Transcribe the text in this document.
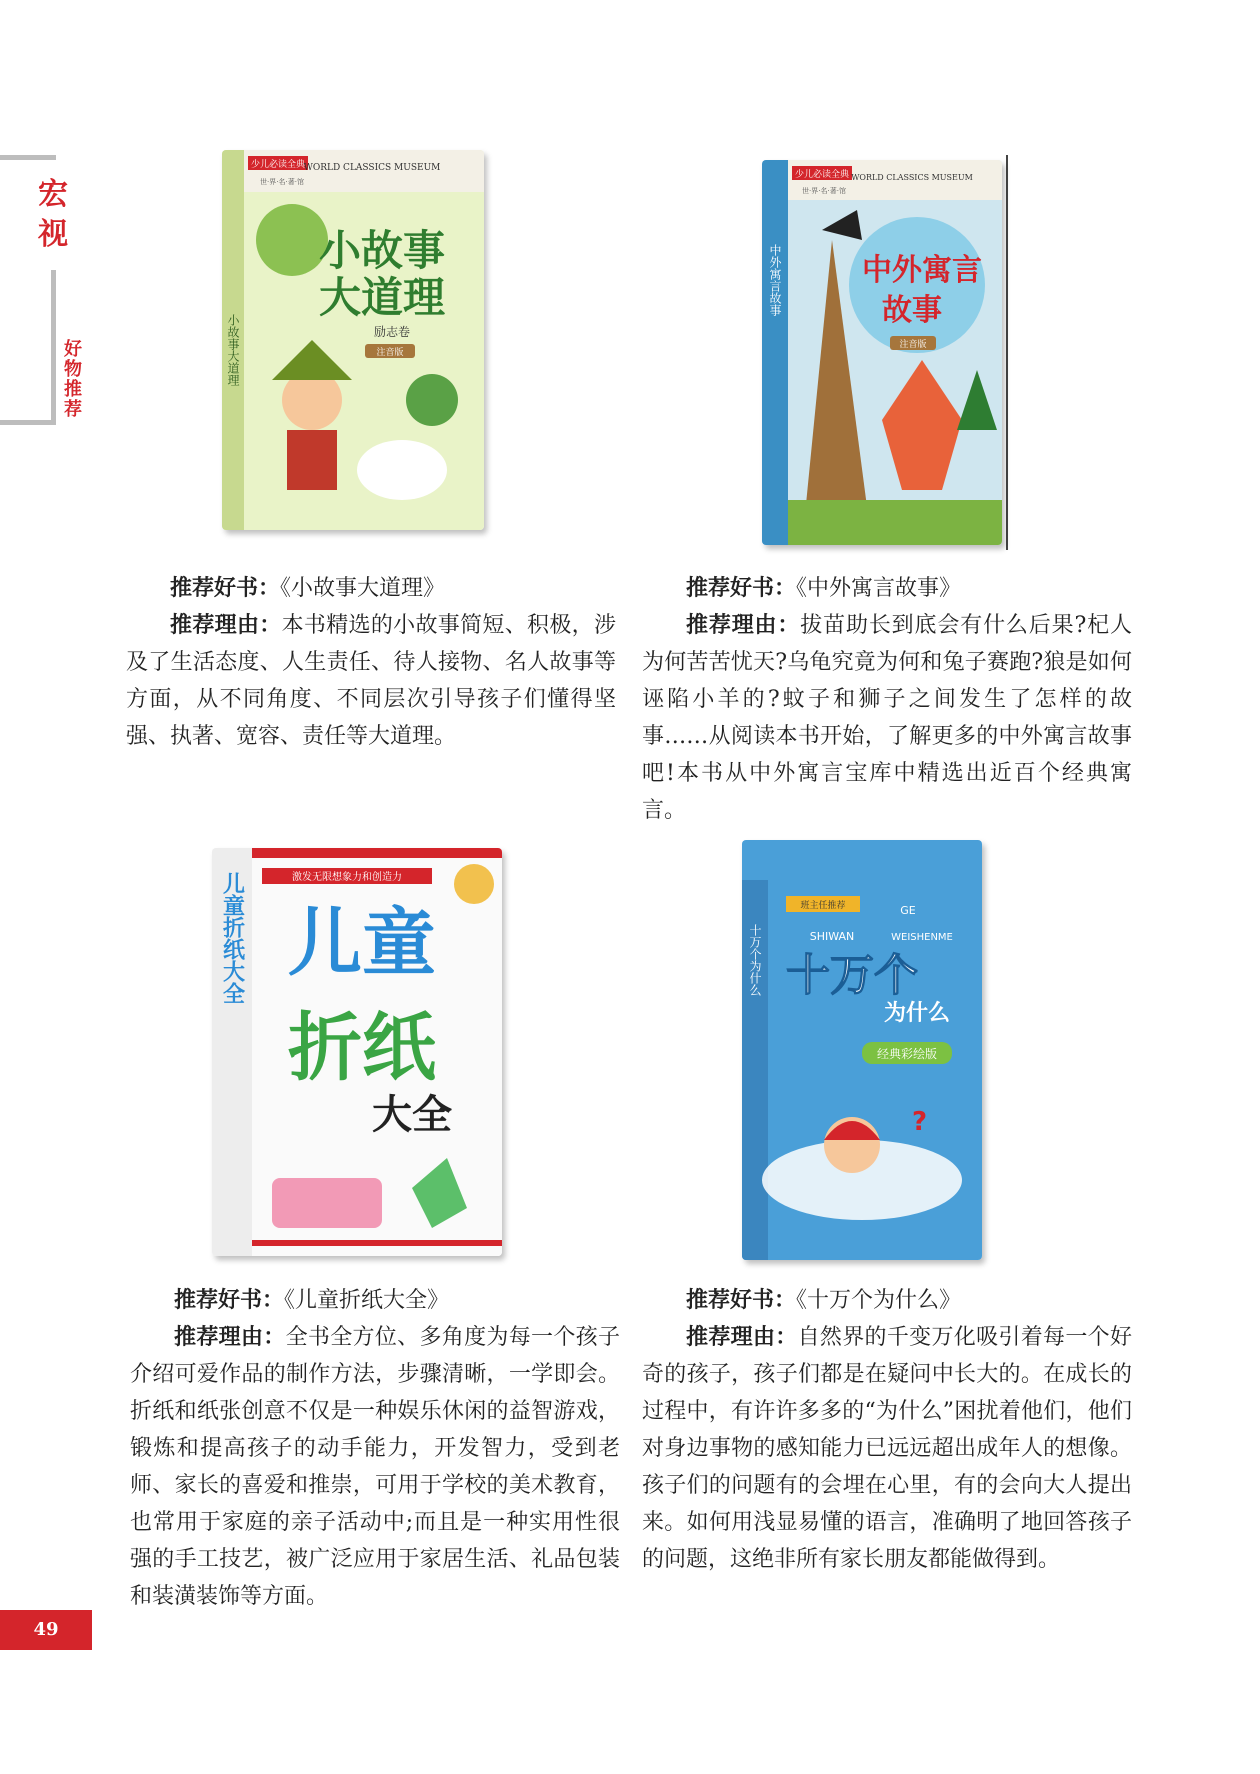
宏
视
好物推荐
少儿必读全典
WORLD CLASSICS MUSEUM
世·界·名·著·馆
小故事
大道理
励志卷
注音版
小故事大道理
少儿必读全典 WORLD CLASSICS MUSEUM
世·界·名·著·馆
中外寓言
故事
注音版
中外寓言故事
激发无限想象力和创造力
儿童
折纸
大全
儿童折纸大全	班主任推荐
SHIWAN
GE
WEISHENME
十万个
为什么
经典彩绘版
?
十万个为什么

推荐好书：《小故事大道理》

推荐理由：本书精选的小故事简短、积极，涉及了生活态度、人生责任、待人接物、名人故事等方面，从不同角度、不同层次引导孩子们懂得坚强、执著、宽容、责任等大道理。

推荐好书：《中外寓言故事》

推荐理由：拔苗助长到底会有什么后果?杞人为何苦苦忧天?乌龟究竟为何和兔子赛跑?狼是如何诬陷小羊的?蚊子和狮子之间发生了怎样的故事……从阅读本书开始，了解更多的中外寓言故事吧!本书从中外寓言宝库中精选出近百个经典寓言。

推荐好书：《儿童折纸大全》

推荐理由：全书全方位、多角度为每一个孩子介绍可爱作品的制作方法，步骤清晰，一学即会。折纸和纸张创意不仅是一种娱乐休闲的益智游戏，锻炼和提高孩子的动手能力，开发智力，受到老师、家长的喜爱和推崇，可用于学校的美术教育，也常用于家庭的亲子活动中;而且是一种实用性很强的手工技艺，被广泛应用于家居生活、礼品包装和装潢装饰等方面。

推荐好书：《十万个为什么》

推荐理由：自然界的千变万化吸引着每一个好奇的孩子，孩子们都是在疑问中长大的。在成长的过程中，有许许多多的“为什么”困扰着他们，他们对身边事物的感知能力已远远超出成年人的想像。孩子们的问题有的会埋在心里，有的会向大人提出来。如何用浅显易懂的语言，准确明了地回答孩子的问题，这绝非所有家长朋友都能做得到。

49
